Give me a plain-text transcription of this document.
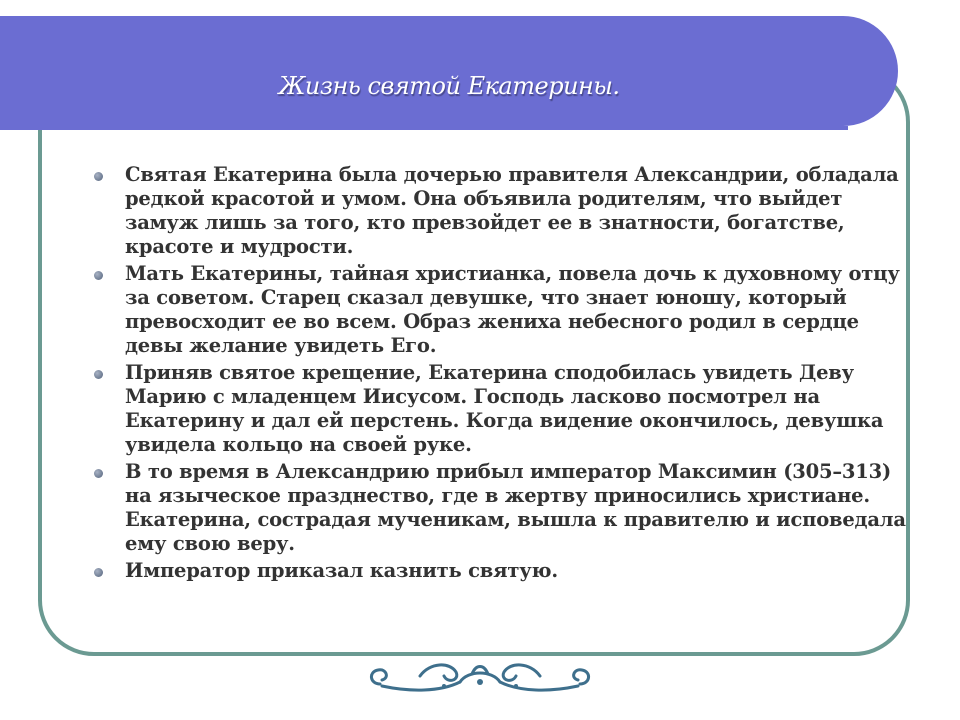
Жизнь святой Екатерины.
Святая Екатерина была дочерью правителя Александрии, обладала редкой красотой и умом. Она объявила родителям, что выйдет замуж лишь за того, кто превзойдет ее в знатности, богатстве, красоте и мудрости.
Мать Екатерины, тайная христианка, повела дочь к духовному отцу за советом. Старец сказал девушке, что знает юношу, который превосходит ее во всем. Образ жениха небесного родил в сердце девы желание увидеть Его.
Приняв святое крещение, Екатерина сподобилась увидеть Деву Марию с младенцем Иисусом. Господь ласково посмотрел на Екатерину и дал ей перстень. Когда видение окончилось, девушка увидела кольцо на своей руке.
В то время в Александрию прибыл император Максимин (305–313) на языческое празднество, где в жертву приносились христиане. Екатерина, сострадая мученикам, вышла к правителю и исповедала ему свою веру.
Император приказал казнить святую.
